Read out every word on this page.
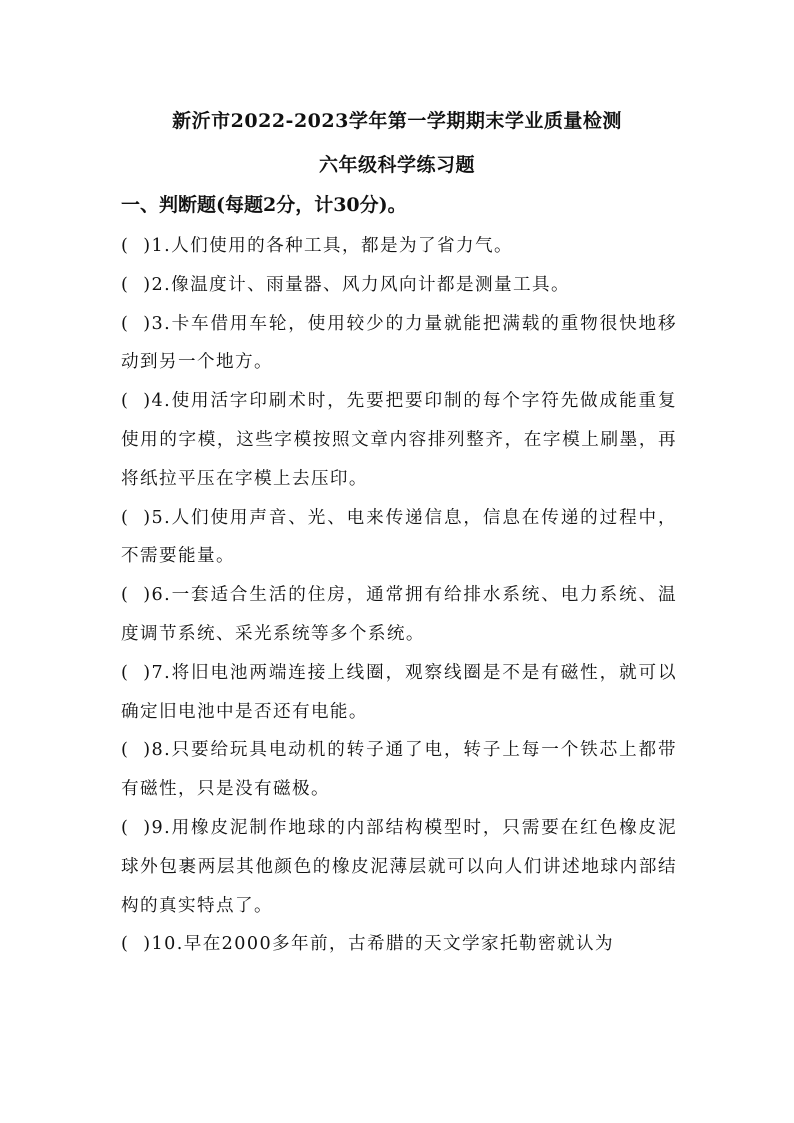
新沂市2022-2023学年第一学期期末学业质量检测
六年级科学练习题
一、判断题(每题2分，计30分)。
(  )1.人们使用的各种工具，都是为了省力气。
(  )2.像温度计、雨量器、风力风向计都是测量工具。
(  )3.卡车借用车轮，使用较少的力量就能把满载的重物很快地移动到另一个地方。
(  )4.使用活字印刷术时，先要把要印制的每个字符先做成能重复使用的字模，这些字模按照文章内容排列整齐，在字模上刷墨，再将纸拉平压在字模上去压印。
(  )5.人们使用声音、光、电来传递信息，信息在传递的过程中，不需要能量。
(  )6.一套适合生活的住房，通常拥有给排水系统、电力系统、温度调节系统、采光系统等多个系统。
(  )7.将旧电池两端连接上线圈，观察线圈是不是有磁性，就可以确定旧电池中是否还有电能。
(  )8.只要给玩具电动机的转子通了电，转子上每一个铁芯上都带有磁性，只是没有磁极。
(  )9.用橡皮泥制作地球的内部结构模型时，只需要在红色橡皮泥球外包裹两层其他颜色的橡皮泥薄层就可以向人们讲述地球内部结构的真实特点了。
(  )10.早在2000多年前，古希腊的天文学家托勒密就认为
